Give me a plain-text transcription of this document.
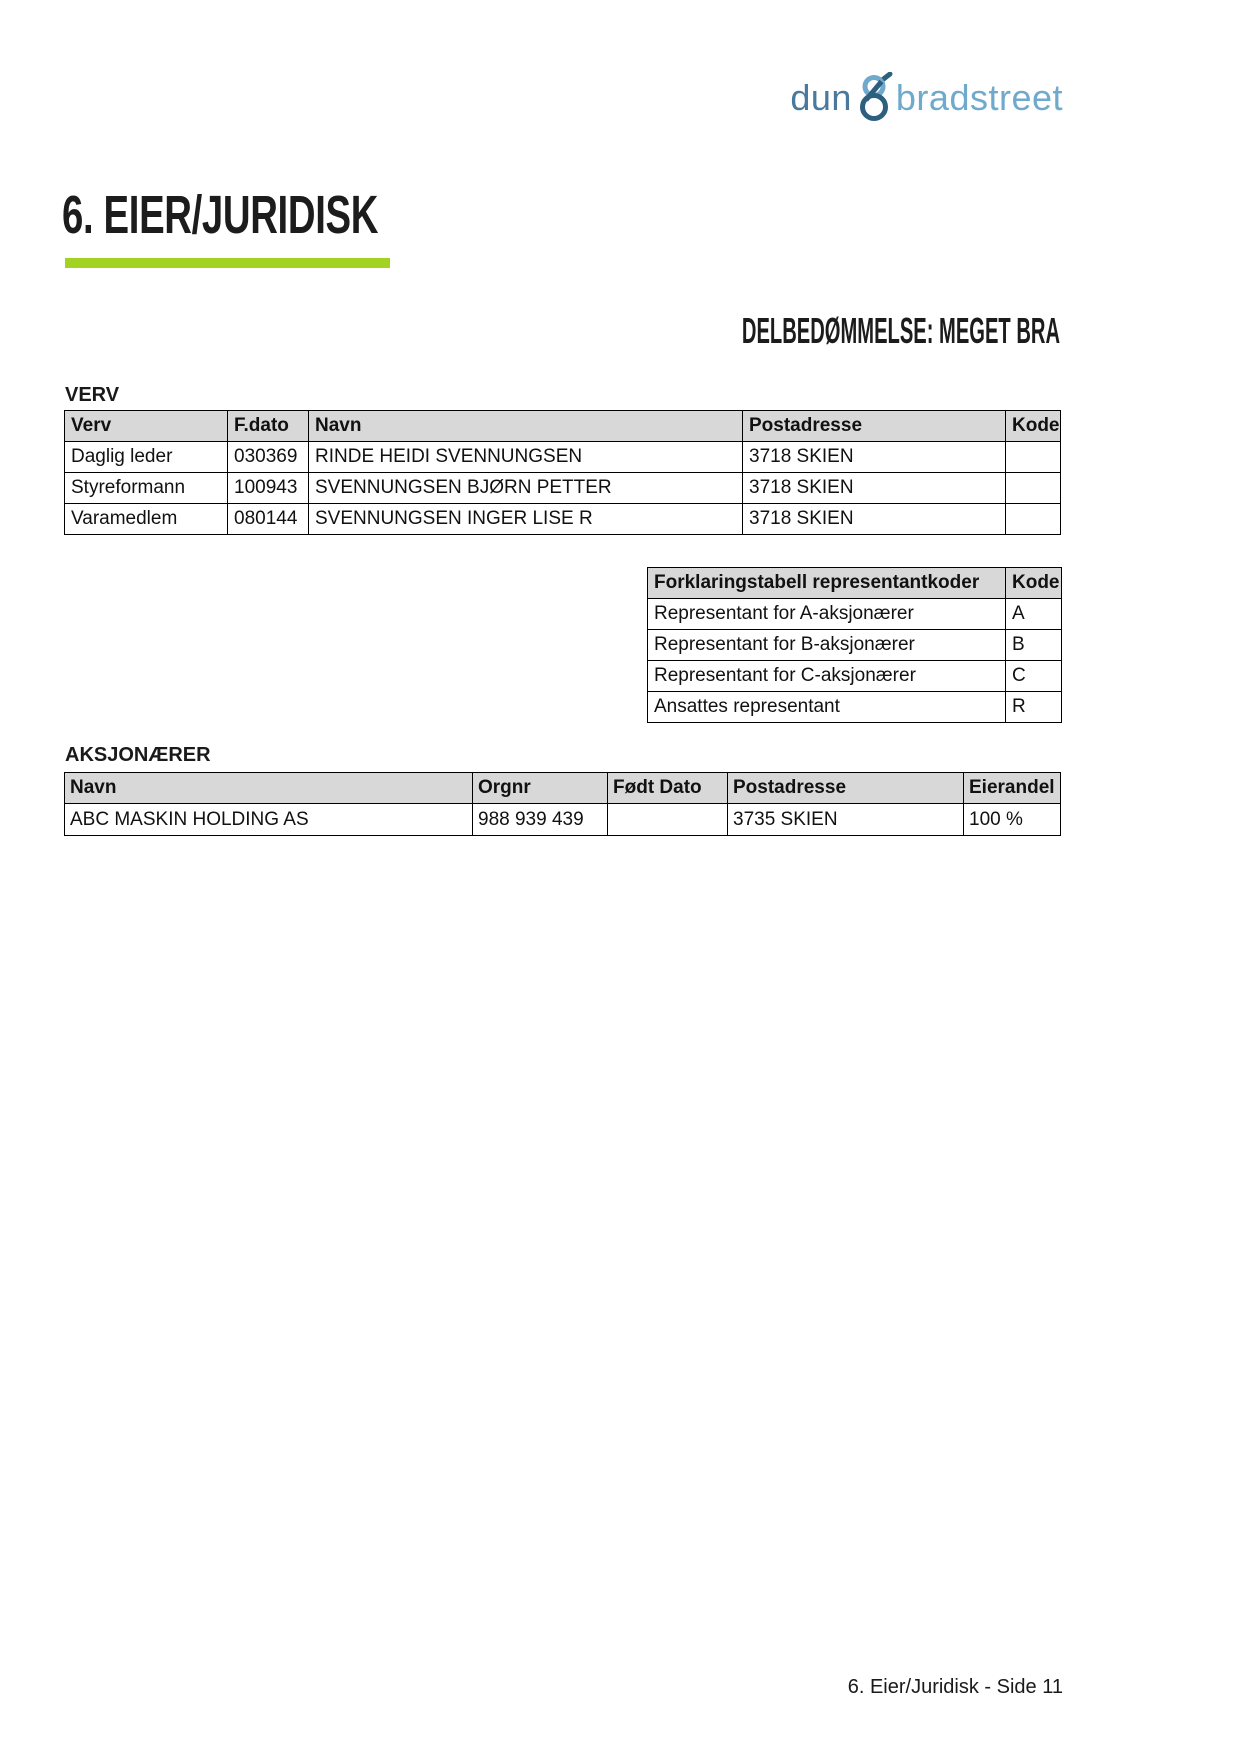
dun bradstreet
6. EIER/JURIDISK
DELBEDØMMELSE: MEGET BRA
VERV
Verv	F.dato	Navn	Postadresse	Kode
Daglig leder	030369	RINDE HEIDI SVENNUNGSEN	3718 SKIEN	
Styreformann	100943	SVENNUNGSEN BJØRN PETTER	3718 SKIEN	
Varamedlem	080144	SVENNUNGSEN INGER LISE R	3718 SKIEN	
Forklaringstabell representantkoder	Kode
Representant for A-aksjonærer	A
Representant for B-aksjonærer	B
Representant for C-aksjonærer	C
Ansattes representant	R
AKSJONÆRER
Navn	Orgnr	Født Dato	Postadresse	Eierandel
ABC MASKIN HOLDING AS	988 939 439		3735 SKIEN	100 %
6. Eier/Juridisk - Side 11
